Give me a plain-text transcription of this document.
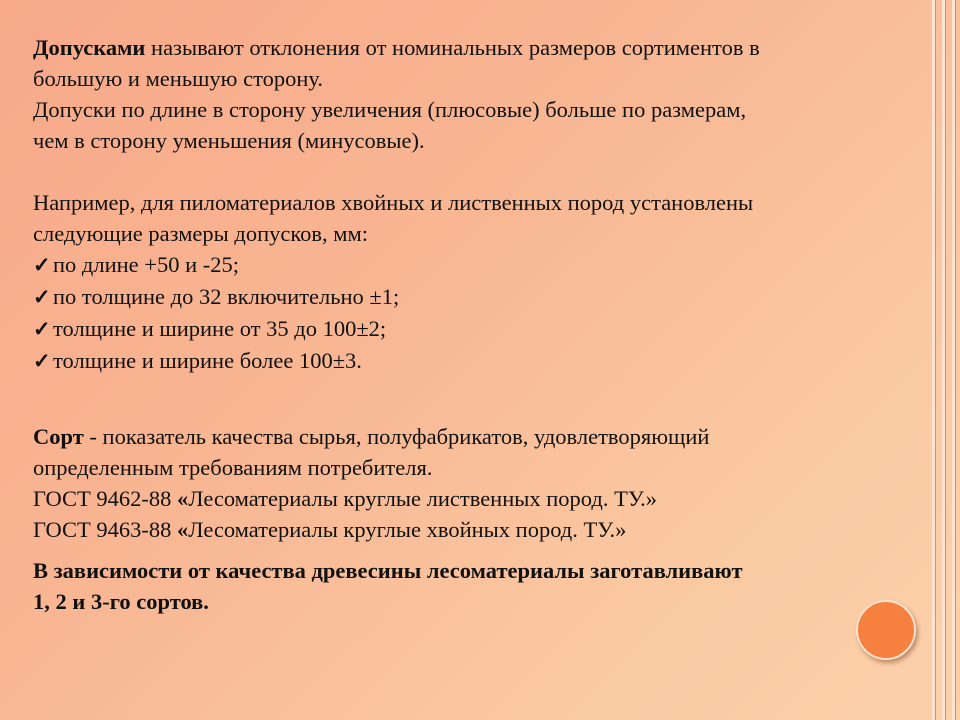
Допусками называют отклонения от номинальных размеров сортиментов в

большую и меньшую сторону.

Допуски по длине в сторону увеличения (плюсовые) больше по размерам,

чем в сторону уменьшения (минусовые).

Например, для пиломатериалов хвойных и лиственных пород установлены

следующие размеры допусков, мм:

✓ по длине +50 и -25;
✓ по толщине до 32 включительно ±1;
✓ толщине и ширине от 35 до 100±2;
✓ толщине и ширине более 100±3.

Сорт - показатель качества сырья, полуфабрикатов, удовлетворяющий

определенным требованиям потребителя.

ГОСТ 9462-88 «Лесоматериалы круглые лиственных пород. ТУ.»

ГОСТ 9463-88 «Лесоматериалы круглые хвойных пород. ТУ.»

В зависимости от качества древесины лесоматериалы заготавливают

1, 2 и 3-го сортов.
